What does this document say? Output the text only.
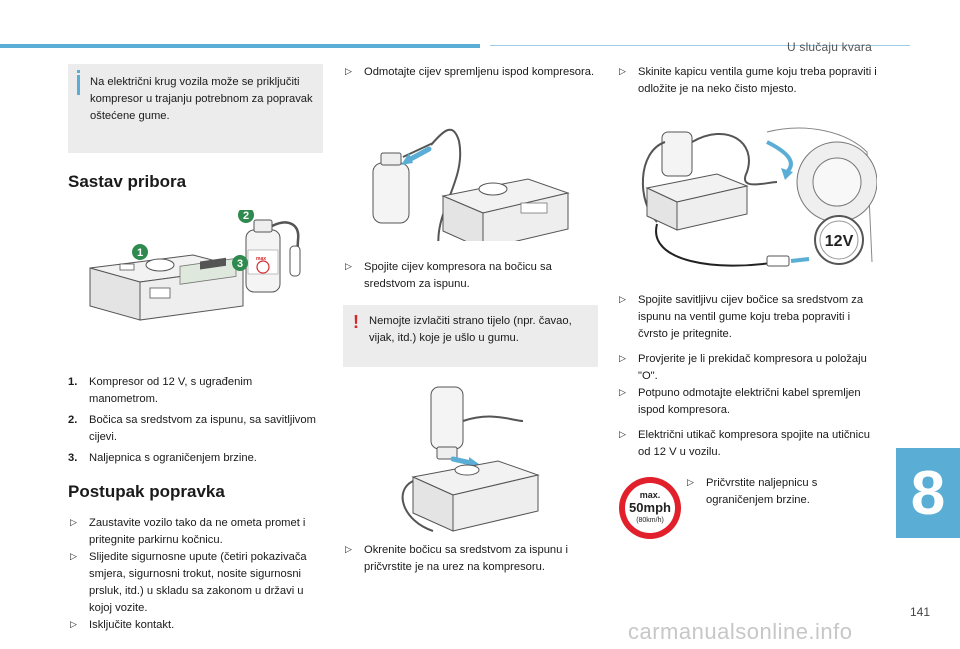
U slučaju kvara
Na električni krug vozila može se priključiti kompresor u trajanju potrebnom za popravak oštećene gume.
Sastav pribora
max
1
2
3
1. Kompresor od 12 V, s ugrađenim manometrom.
2. Bočica sa sredstvom za ispunu, sa savitljivom cijevi.
3. Naljepnica s ograničenjem brzine.
Postupak popravka
▷ Zaustavite vozilo tako da ne ometa promet i pritegnite parkirnu kočnicu.
▷ Slijedite sigurnosne upute (četiri pokazivača smjera, sigurnosni trokut, nosite sigurnosni prsluk, itd.) u skladu sa zakonom u državi u kojoj vozite.
▷ Isključite kontakt.
▷ Odmotajte cijev spremljenu ispod kompresora.
▷ Spojite cijev kompresora na bočicu sa sredstvom za ispunu.
! Nemojte izvlačiti strano tijelo (npr. čavao, vijak, itd.) koje je ušlo u gumu.
▷ Okrenite bočicu sa sredstvom za ispunu i pričvrstite je na urez na kompresoru.
▷ Skinite kapicu ventila gume koju treba popraviti i odložite je na neko čisto mjesto.
12V
▷ Spojite savitljivu cijev bočice sa sredstvom za ispunu na ventil gume koju treba popraviti i čvrsto je pritegnite.
▷ Provjerite je li prekidač kompresora u položaju "O".
▷ Potpuno odmotajte električni kabel spremljen ispod kompresora.
▷ Električni utikač kompresora spojite na utičnicu od 12 V u vozilu.
max.
50mph
(80km/h)
▷ Pričvrstite naljepnicu s ograničenjem brzine.	8
141
carmanualsonline.info
